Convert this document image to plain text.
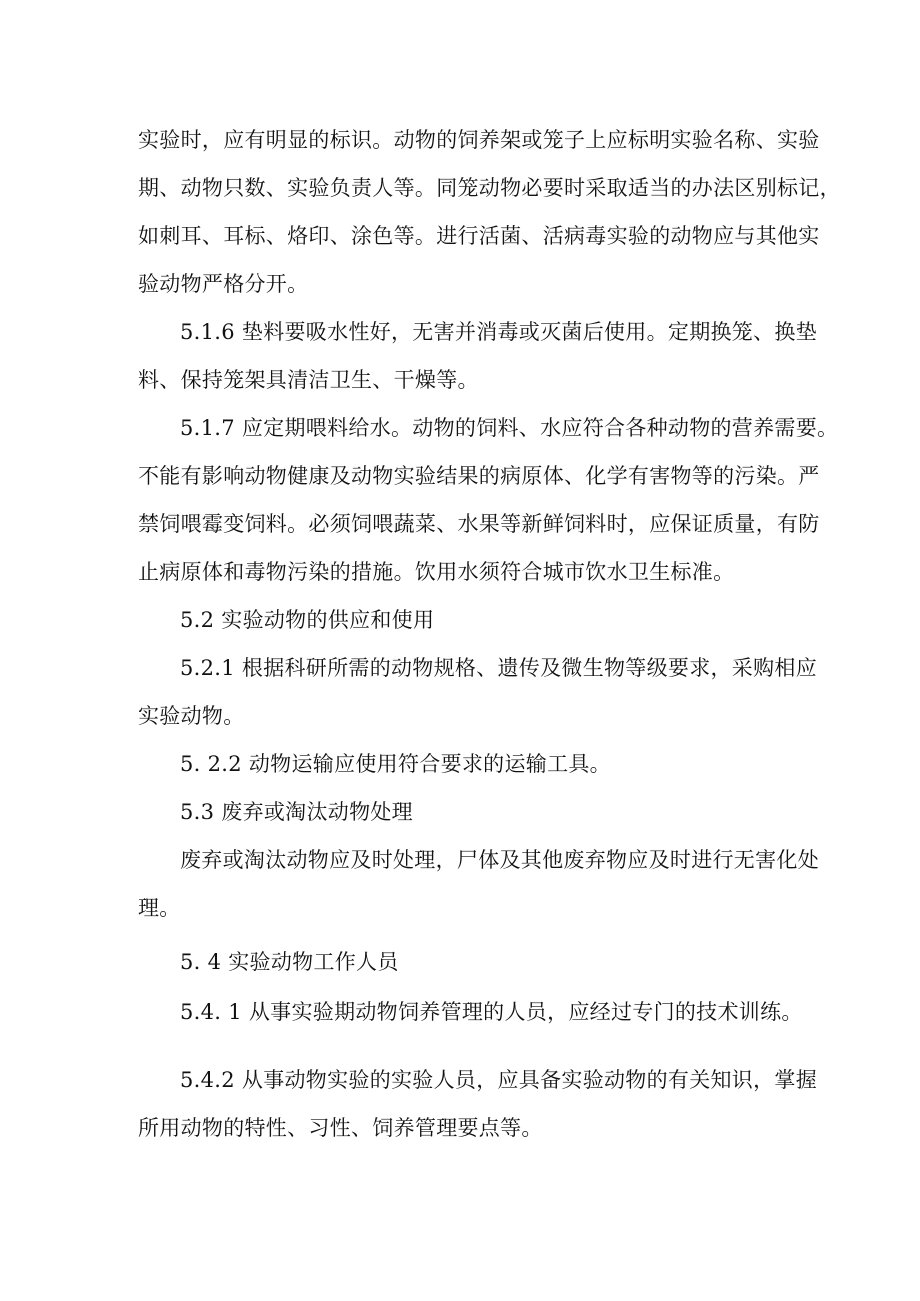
实验时，应有明显的标识。动物的饲养架或笼子上应标明实验名称、实验
期、动物只数、实验负责人等。同笼动物必要时采取适当的办法区别标记，
如刺耳、耳标、烙印、涂色等。进行活菌、活病毒实验的动物应与其他实
验动物严格分开。
5.1.6 垫料要吸水性好，无害并消毒或灭菌后使用。定期换笼、换垫
料、保持笼架具清洁卫生、干燥等。
5.1.7 应定期喂料给水。动物的饲料、水应符合各种动物的营养需要。
不能有影响动物健康及动物实验结果的病原体、化学有害物等的污染。严
禁饲喂霉变饲料。必须饲喂蔬菜、水果等新鲜饲料时，应保证质量，有防
止病原体和毒物污染的措施。饮用水须符合城市饮水卫生标准。
5.2 实验动物的供应和使用
5.2.1 根据科研所需的动物规格、遗传及微生物等级要求，采购相应
实验动物。
5. 2.2 动物运输应使用符合要求的运输工具。
5.3 废弃或淘汰动物处理
废弃或淘汰动物应及时处理，尸体及其他废弃物应及时进行无害化处
理。
5. 4 实验动物工作人员
5.4. 1 从事实验期动物饲养管理的人员，应经过专门的技术训练。
5.4.2 从事动物实验的实验人员，应具备实验动物的有关知识，掌握
所用动物的特性、习性、饲养管理要点等。
